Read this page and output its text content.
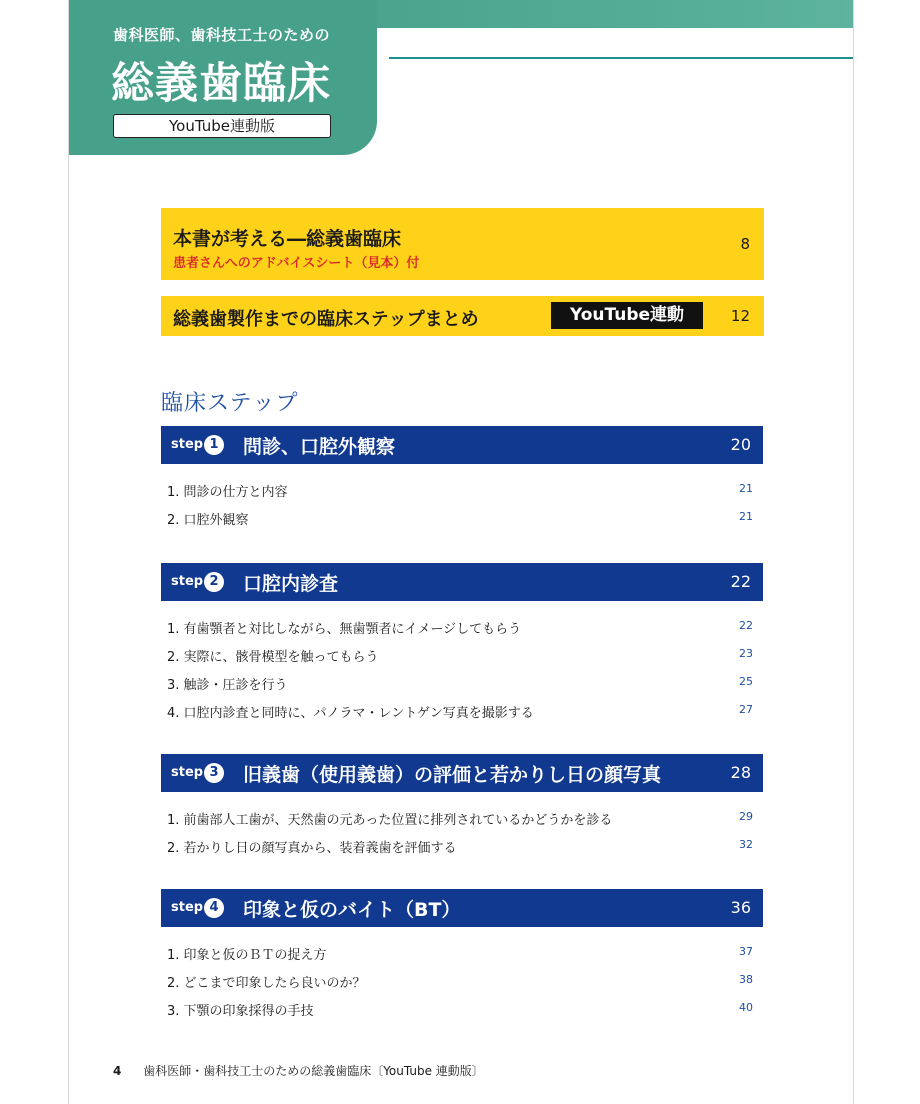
歯科医師、歯科技工士のための
総義歯臨床
YouTube連動版
本書が考える―総義歯臨床
患者さんへのアドバイスシート（見本）付
8
総義歯製作までの臨床ステップまとめ	YouTube連動	12
臨床ステップ
step 1 問診、口腔外観察	20
1. 問診の仕方と内容	21
2. 口腔外観察	21
step 2 口腔内診査	22
1. 有歯顎者と対比しながら、無歯顎者にイメージしてもらう	22
2. 実際に、骸骨模型を触ってもらう	23
3. 触診・圧診を行う	25
4. 口腔内診査と同時に、パノラマ・レントゲン写真を撮影する	27
step 3 旧義歯（使用義歯）の評価と若かりし日の顔写真	28
1. 前歯部人工歯が、天然歯の元あった位置に排列されているかどうかを診る	29
2. 若かりし日の顔写真から、装着義歯を評価する	32
step 4 印象と仮のバイト（BT）	36
1. 印象と仮のＢＴの捉え方	37
2. どこまで印象したら良いのか？	38
3. 下顎の印象採得の手技	40
4 歯科医師・歯科技工士のための総義歯臨床〔YouTube 連動版〕
